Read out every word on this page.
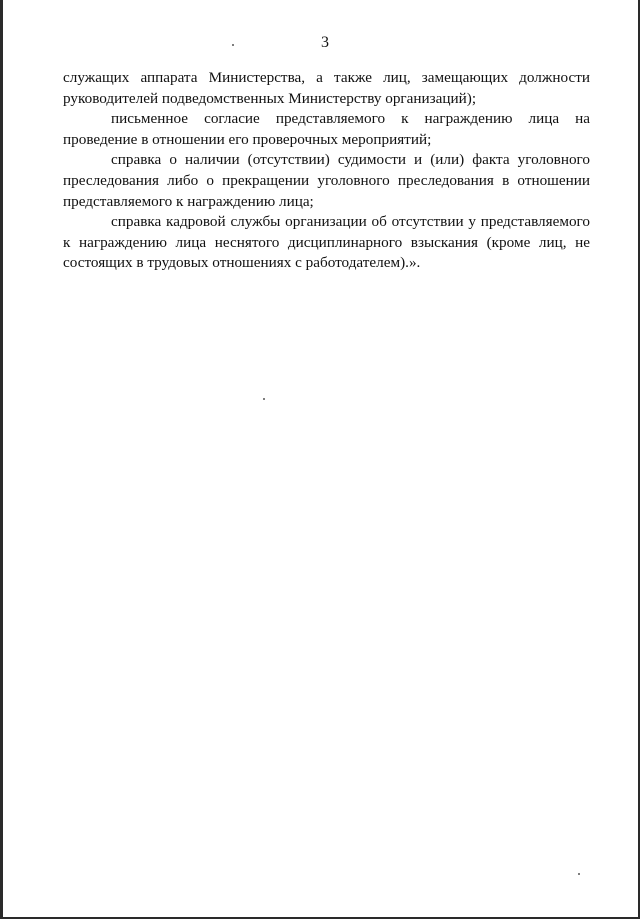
3

служащих аппарата Министерства, а также лиц, замещающих должности руководителей подведомственных Министерству организаций);

письменное согласие представляемого к награждению лица на проведение в отношении его проверочных мероприятий;

справка о наличии (отсутствии) судимости и (или) факта уголовного преследования либо о прекращении уголовного преследования в отношении представляемого к награждению лица;

справка кадровой службы организации об отсутствии у представляемого к награждению лица неснятого дисциплинарного взыскания (кроме лиц, не состоящих в трудовых отношениях с работодателем).».
